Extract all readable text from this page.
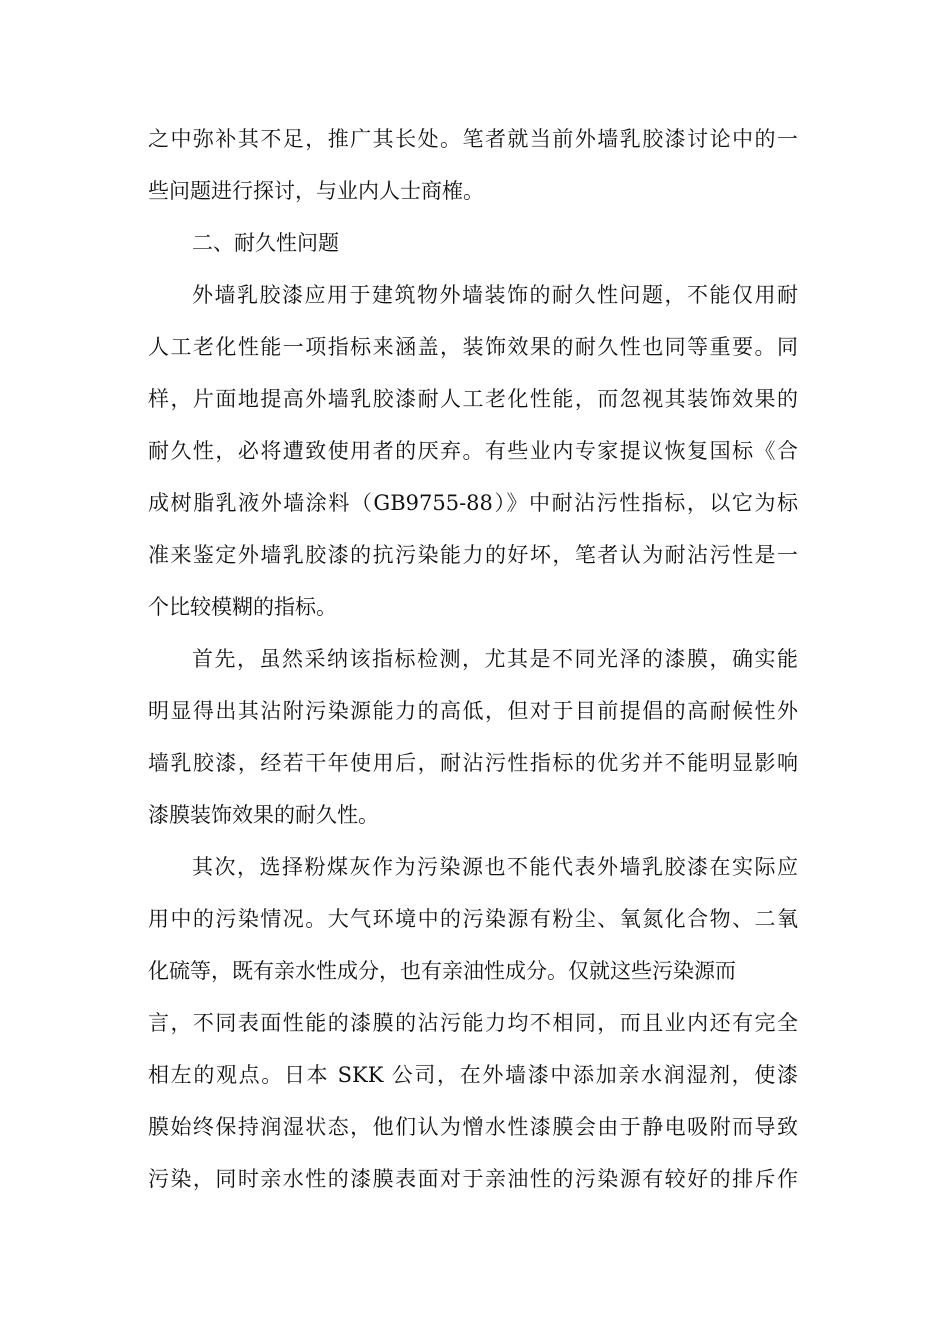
之中弥补其不足，推广其长处。笔者就当前外墙乳胶漆讨论中的一
些问题进行探讨，与业内人士商榷。
二、耐久性问题
外墙乳胶漆应用于建筑物外墙装饰的耐久性问题，不能仅用耐
人工老化性能一项指标来涵盖，装饰效果的耐久性也同等重要。同
样，片面地提高外墙乳胶漆耐人工老化性能，而忽视其装饰效果的
耐久性，必将遭致使用者的厌弃。有些业内专家提议恢复国标《合
成树脂乳液外墙涂料（GB9755-88）》中耐沾污性指标，以它为标
准来鉴定外墙乳胶漆的抗污染能力的好坏，笔者认为耐沾污性是一
个比较模糊的指标。
首先，虽然采纳该指标检测，尤其是不同光泽的漆膜，确实能
明显得出其沾附污染源能力的高低，但对于目前提倡的高耐候性外
墙乳胶漆，经若干年使用后，耐沾污性指标的优劣并不能明显影响
漆膜装饰效果的耐久性。
其次，选择粉煤灰作为污染源也不能代表外墙乳胶漆在实际应
用中的污染情况。大气环境中的污染源有粉尘、氧氮化合物、二氧
化硫等，既有亲水性成分，也有亲油性成分。仅就这些污染源而
言，不同表面性能的漆膜的沾污能力均不相同，而且业内还有完全
相左的观点。日本 SKK 公司，在外墙漆中添加亲水润湿剂，使漆
膜始终保持润湿状态，他们认为憎水性漆膜会由于静电吸附而导致
污染，同时亲水性的漆膜表面对于亲油性的污染源有较好的排斥作
